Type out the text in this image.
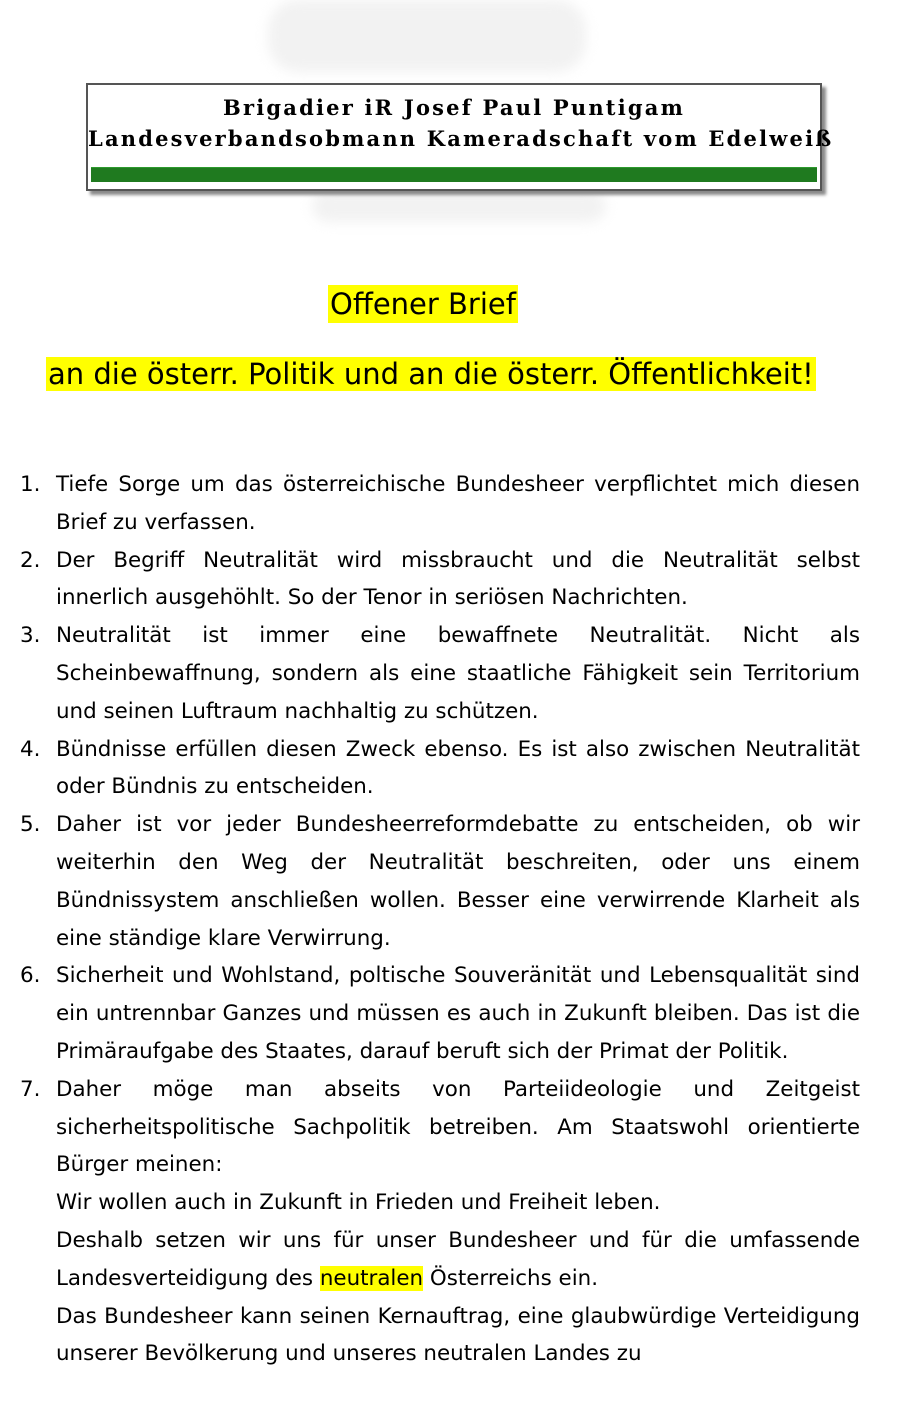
Brigadier iR Josef Paul Puntigam
Landesverbandsobmann Kameradschaft vom Edelweiß
Offener Brief
an die österr. Politik und an die österr. Öffentlichkeit!
1. Tiefe Sorge um das österreichische Bundesheer verpflichtet mich diesen Brief zu verfassen.

2. Der Begriff Neutralität wird missbraucht und die Neutralität selbst innerlich ausgehöhlt. So der Tenor in seriösen Nachrichten.

3. Neutralität ist immer eine bewaffnete Neutralität. Nicht als Scheinbewaffnung, sondern als eine staatliche Fähigkeit sein Territorium und seinen Luftraum nachhaltig zu schützen.

4. Bündnisse erfüllen diesen Zweck ebenso. Es ist also zwischen Neutralität oder Bündnis zu entscheiden.

5. Daher ist vor jeder Bundesheerreformdebatte zu entscheiden, ob wir weiterhin den Weg der Neutralität beschreiten, oder uns einem Bündnissystem anschließen wollen. Besser eine verwirrende Klarheit als eine ständige klare Verwirrung.

6. Sicherheit und Wohlstand, poltische Souveränität und Lebensqualität sind ein untrennbar Ganzes und müssen es auch in Zukunft bleiben. Das ist die Primäraufgabe des Staates, darauf beruft sich der Primat der Politik.

7. Daher möge man abseits von Parteiideologie und Zeitgeist sicherheitspolitische Sachpolitik betreiben. Am Staatswohl orientierte Bürger meinen:

Wir wollen auch in Zukunft in Frieden und Freiheit leben.

Deshalb setzen wir uns für unser Bundesheer und für die umfassende Landesverteidigung des neutralen Österreichs ein.

Das Bundesheer kann seinen Kernauftrag, eine glaubwürdige Verteidigung unserer Bevölkerung und unseres neutralen Landes zu
